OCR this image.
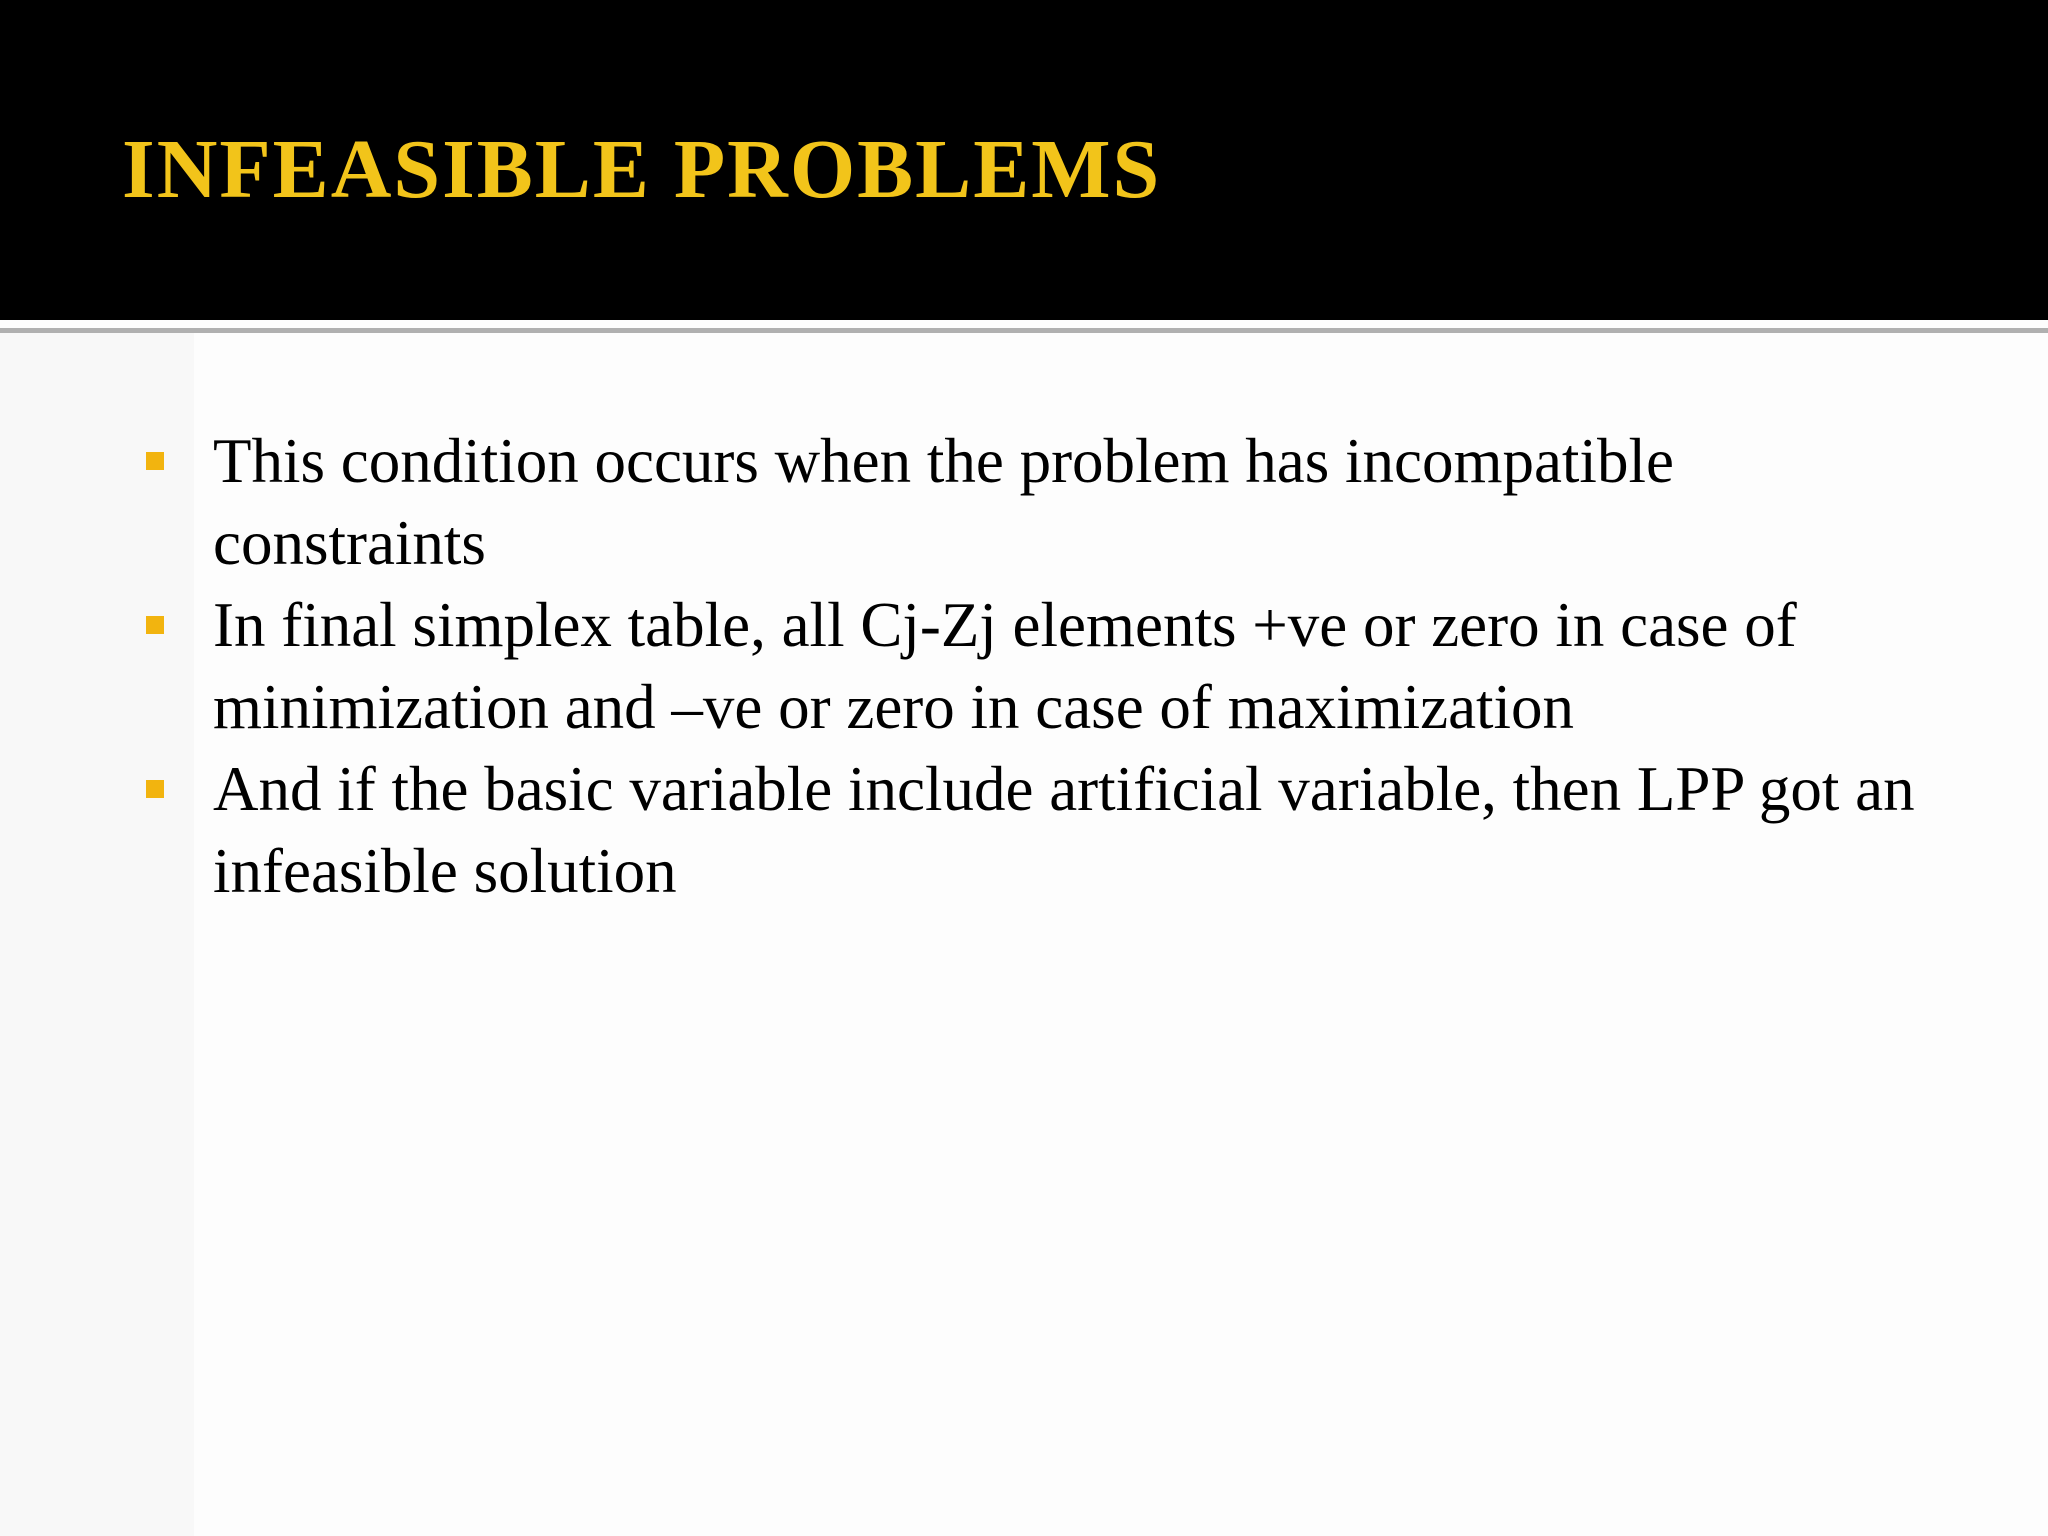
INFEASIBLE PROBLEMS
This condition occurs when the problem has incompatible constraints
In final simplex table, all Cj-Zj elements +ve or zero in case of minimization and –ve or zero in case of maximization
And if the basic variable include artificial variable, then LPP got an infeasible solution
